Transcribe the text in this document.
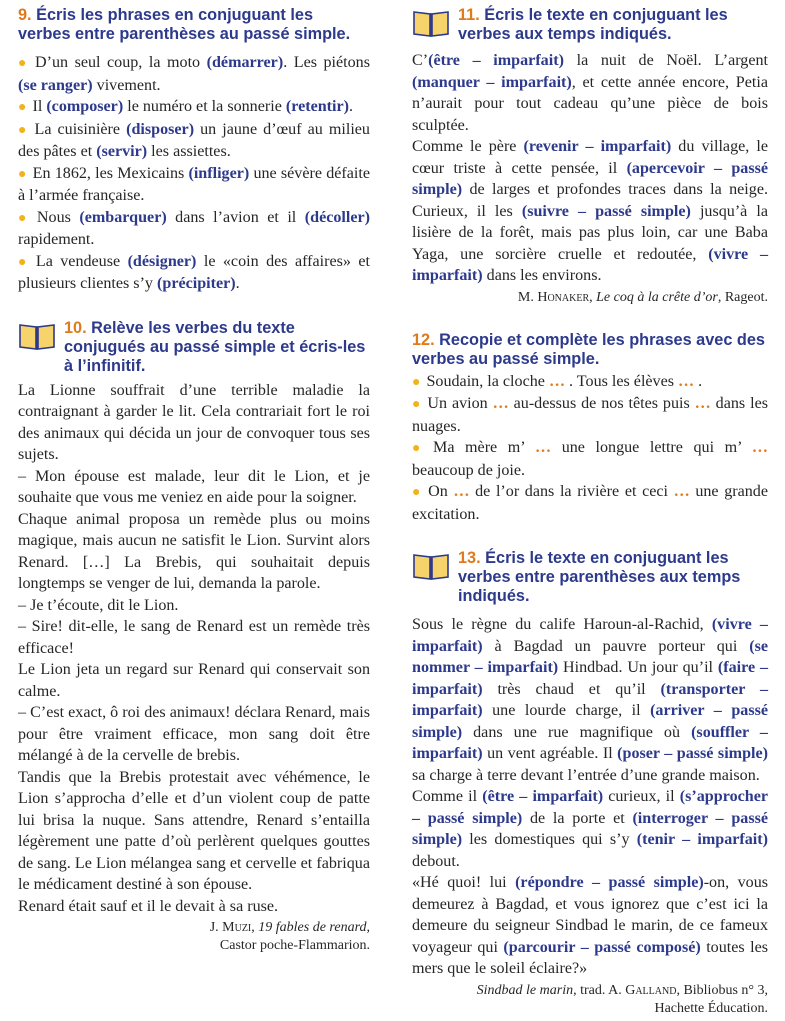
9. Écris les phrases en conjuguant les verbes entre parenthèses au passé simple.

● D’un seul coup, la moto (démarrer). Les piétons (se ranger) vivement.

● Il (composer) le numéro et la sonnerie (retentir).

● La cuisinière (disposer) un jaune d’œuf au milieu des pâtes et (servir) les assiettes.

● En 1862, les Mexicains (infliger) une sévère défaite à l’armée française.

● Nous (embarquer) dans l’avion et il (décoller) rapidement.

● La vendeuse (désigner) le «coin des affaires» et plusieurs clientes s’y (précipiter).

10. Relève les verbes du texte conjugués au passé simple et écris-les à l’infinitif.

La Lionne souffrait d’une terrible maladie la contraignant à garder le lit. Cela contrariait fort le roi des animaux qui décida un jour de convoquer tous ses sujets.

– Mon épouse est malade, leur dit le Lion, et je souhaite que vous me veniez en aide pour la soigner.

Chaque animal proposa un remède plus ou moins magique, mais aucun ne satisfit le Lion. Survint alors Renard. […] La Brebis, qui souhaitait depuis longtemps se venger de lui, demanda la parole.

– Je t’écoute, dit le Lion.

– Sire! dit-elle, le sang de Renard est un remède très efficace!

Le Lion jeta un regard sur Renard qui conservait son calme.

– C’est exact, ô roi des animaux! déclara Renard, mais pour être vraiment efficace, mon sang doit être mélangé à de la cervelle de brebis.

Tandis que la Brebis protestait avec véhémence, le Lion s’approcha d’elle et d’un violent coup de patte lui brisa la nuque. Sans attendre, Renard s’entailla légèrement une patte d’où perlèrent quelques gouttes de sang. Le Lion mélangea sang et cervelle et fabriqua le médicament destiné à son épouse.

Renard était sauf et il le devait à sa ruse.

J. Muzi, 19 fables de renard,
Castor poche-Flammarion.
11. Écris le texte en conjuguant les verbes aux temps indiqués.

C’(être – imparfait) la nuit de Noël. L’argent (manquer – imparfait), et cette année encore, Petia n’aurait pour tout cadeau qu’une pièce de bois sculptée.

Comme le père (revenir – imparfait) du village, le cœur triste à cette pensée, il (apercevoir – passé simple) de larges et profondes traces dans la neige. Curieux, il les (suivre – passé simple) jusqu’à la lisière de la forêt, mais pas plus loin, car une Baba Yaga, une sorcière cruelle et redoutée, (vivre – imparfait) dans les environs.

M. Honaker, Le coq à la crête d’or, Rageot.
12. Recopie et complète les phrases avec des verbes au passé simple.

● Soudain, la cloche … . Tous les élèves … .

● Un avion … au-dessus de nos têtes puis … dans les nuages.

● Ma mère m’ … une longue lettre qui m’ … beaucoup de joie.

● On … de l’or dans la rivière et ceci … une grande excitation.

13. Écris le texte en conjuguant les verbes entre parenthèses aux temps indiqués.

Sous le règne du calife Haroun-al-Rachid, (vivre – imparfait) à Bagdad un pauvre porteur qui (se nommer – imparfait) Hindbad. Un jour qu’il (faire – imparfait) très chaud et qu’il (transporter – imparfait) une lourde charge, il (arriver – passé simple) dans une rue magnifique où (souffler – imparfait) un vent agréable. Il (poser – passé simple) sa charge à terre devant l’entrée d’une grande maison.

Comme il (être – imparfait) curieux, il (s’approcher – passé simple) de la porte et (interroger – passé simple) les domestiques qui s’y (tenir – imparfait) debout.

«Hé quoi! lui (répondre – passé simple)-on, vous demeurez à Bagdad, et vous ignorez que c’est ici la demeure du seigneur Sindbad le marin, de ce fameux voyageur qui (parcourir – passé composé) toutes les mers que le soleil éclaire?»

Sindbad le marin, trad. A. Galland, Bibliobus n° 3,
Hachette Éducation.
